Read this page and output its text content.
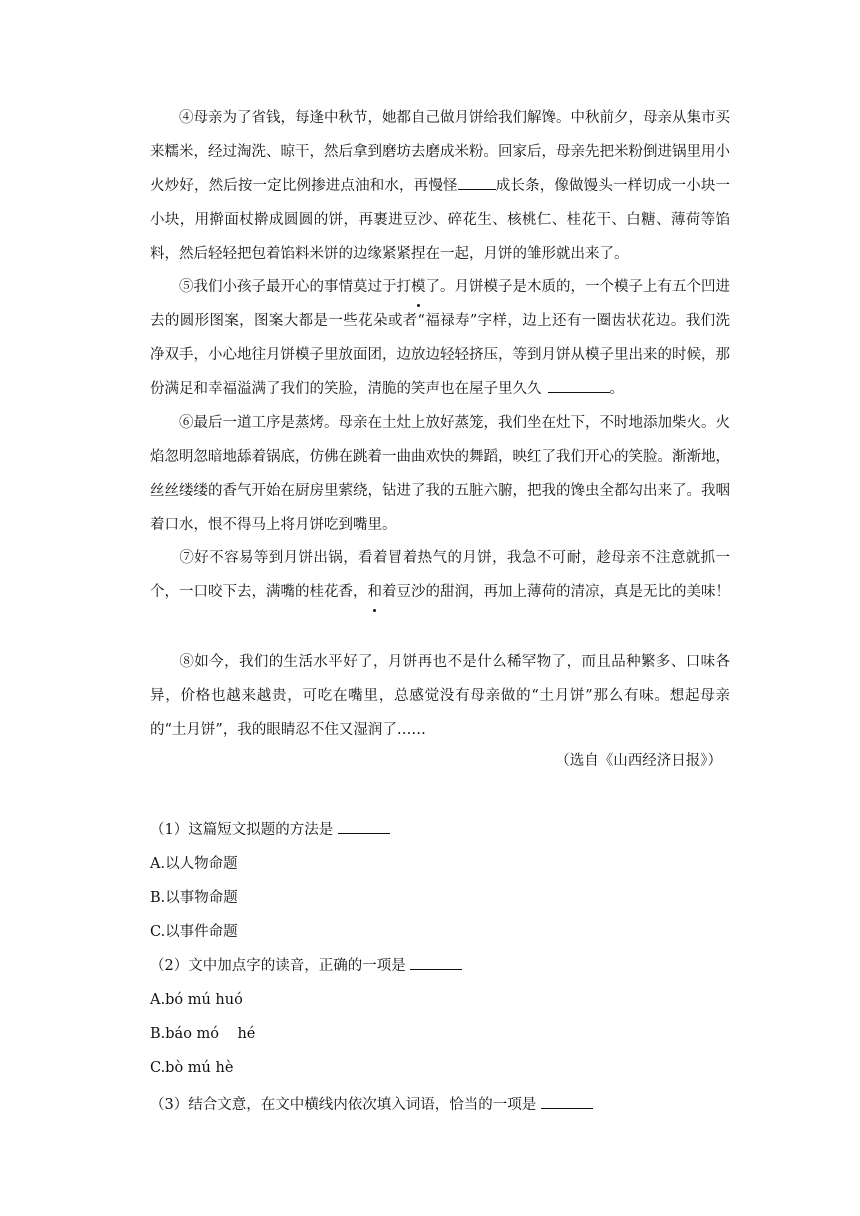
④母亲为了省钱，每逢中秋节，她都自己做月饼给我们解馋。中秋前夕，母亲从集市买来糯米，经过淘洗、晾干，然后拿到磨坊去磨成米粉。回家后，母亲先把米粉倒进锅里用小火炒好，然后按一定比例掺进点油和水，再慢怪	成长条，像做馒头一样切成一小块一小块，用擀面杖擀成圆圆的饼，再裹进豆沙、碎花生、核桃仁、桂花干、白糖、薄荷等馅料，然后轻轻把包着馅料米饼的边缘紧紧捏在一起，月饼的雏形就出来了。

⑤我们小孩子最开心的事情莫过于打模了。月饼模子是木质的，一个模子上有五个凹进去的圆形图案，图案大都是一些花朵或者“福禄寿”字样，边上还有一圈齿状花边。我们洗净双手，小心地往月饼模子里放面团，边放边轻轻挤压，等到月饼从模子里出来的时候，那份满足和幸福溢满了我们的笑脸，清脆的笑声也在屋子里久久	。

⑥最后一道工序是蒸烤。母亲在土灶上放好蒸笼，我们坐在灶下，不时地添加柴火。火焰忽明忽暗地舔着锅底，仿佛在跳着一曲曲欢快的舞蹈，映红了我们开心的笑脸。渐渐地，丝丝缕缕的香气开始在厨房里萦绕，钻进了我的五脏六腑，把我的馋虫全都勾出来了。我咽着口水，恨不得马上将月饼吃到嘴里。

⑦好不容易等到月饼出锅，看着冒着热气的月饼，我急不可耐，趁母亲不注意就抓一个，一口咬下去，满嘴的桂花香，和着豆沙的甜润，再加上薄荷的清凉，真是无比的美味！

⑧如今，我们的生活水平好了，月饼再也不是什么稀罕物了，而且品种繁多、口味各异，价格也越来越贵，可吃在嘴里，总感觉没有母亲做的“土月饼”那么有味。想起母亲的“土月饼”，我的眼睛忍不住又湿润了……

（选自《山西经济日报》）

（1）这篇短文拟题的方法是

A.以人物命题

B.以事物命题

C.以事件命题

（2）文中加点字的读音，正确的一项是

A.bó mú huó

B.báo mó    hé

C.bò mú hè

（3）结合文意，在文中横线内依次填入词语，恰当的一项是
